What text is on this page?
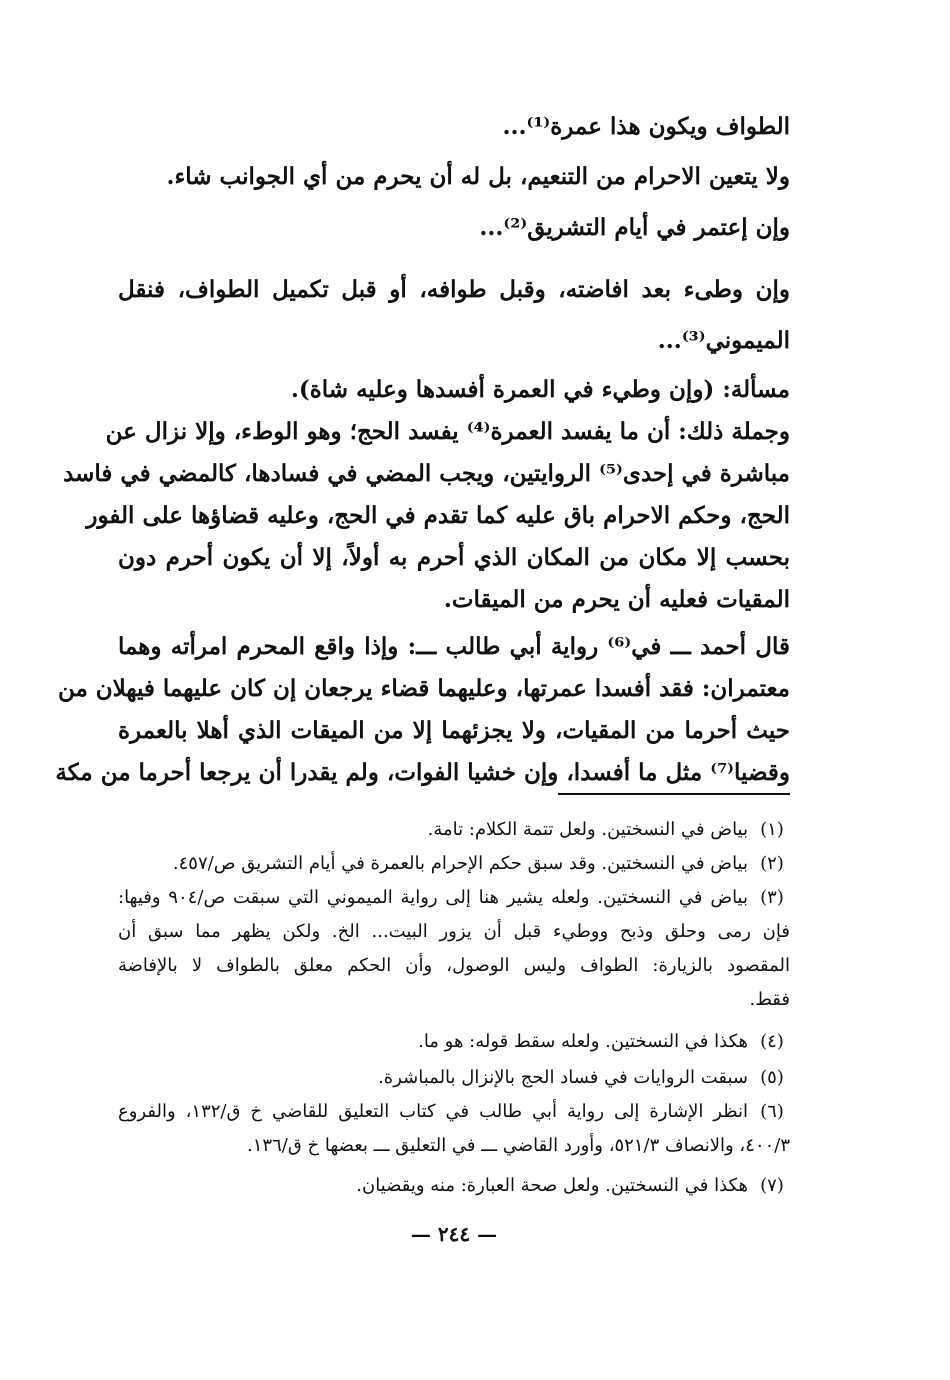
الطواف ويكون هذا عمرة⁽¹⁾...
ولا يتعين الاحرام من التنعيم، بل له أن يحرم من أي الجوانب شاء.
وإن إعتمر في أيام التشريق⁽²⁾...
وإن وطىء بعد افاضته، وقبل طوافه، أو قبل تكميل الطواف، فنقل
الميموني⁽³⁾...
مسألة: (وإن وطيء في العمرة أفسدها وعليه شاة).
وجملة ذلك: أن ما يفسد العمرة⁽⁴⁾ يفسد الحج؛ وهو الوطء، وإلا نزال عن
مباشرة في إحدى⁽⁵⁾ الروايتين، ويجب المضي في فسادها، كالمضي في فاسد
الحج، وحكم الاحرام باق عليه كما تقدم في الحج، وعليه قضاؤها على الفور
بحسب إلا مكان من المكان الذي أحرم به أولاً، إلا أن يكون أحرم دون
المقيات فعليه أن يحرم من الميقات.
قال أحمد ـــ في⁽⁶⁾ رواية أبي طالب ـــ: وإذا واقع المحرم امرأته وهما
معتمران: فقد أفسدا عمرتها، وعليهما قضاء يرجعان إن كان عليهما فيهلان من
حيث أحرما من المقيات، ولا يجزئهما إلا من الميقات الذي أهلا بالعمرة
وقضيا⁽⁷⁾ مثل ما أفسدا، وإن خشيا الفوات، ولم يقدرا أن يرجعا أحرما من مكة
(١)
بياض في النسختين. ولعل تتمة الكلام: تامة.
(٢)
بياض في النسختين. وقد سبق حكم الإحرام بالعمرة في أيام التشريق ص/٤٥٧.
(٣)
بياض في النسختين. ولعله يشير هنا إلى رواية الميموني التي سبقت ص/٩٠٤ وفيها:
فإن رمى وحلق وذبح ووطيء قبل أن يزور البيت... الخ. ولكن يظهر مما سبق أن
المقصود بالزيارة: الطواف وليس الوصول، وأن الحكم معلق بالطواف لا بالإفاضة
فقط.
(٤)
هكذا في النسختين. ولعله سقط قوله: هو ما.
(٥)
سبقت الروايات في فساد الحج بالإنزال بالمباشرة.
(٦)
انظر الإشارة إلى رواية أبي طالب في كتاب التعليق للقاضي خ ق/١٣٢، والفروع
٤٠٠/٣، والانصاف ٥٢١/٣، وأورد القاضي ـــ في التعليق ـــ بعضها خ ق/١٣٦.
(٧)
هكذا في النسختين. ولعل صحة العبارة: منه ويقضيان.
— ٢٤٤ —
